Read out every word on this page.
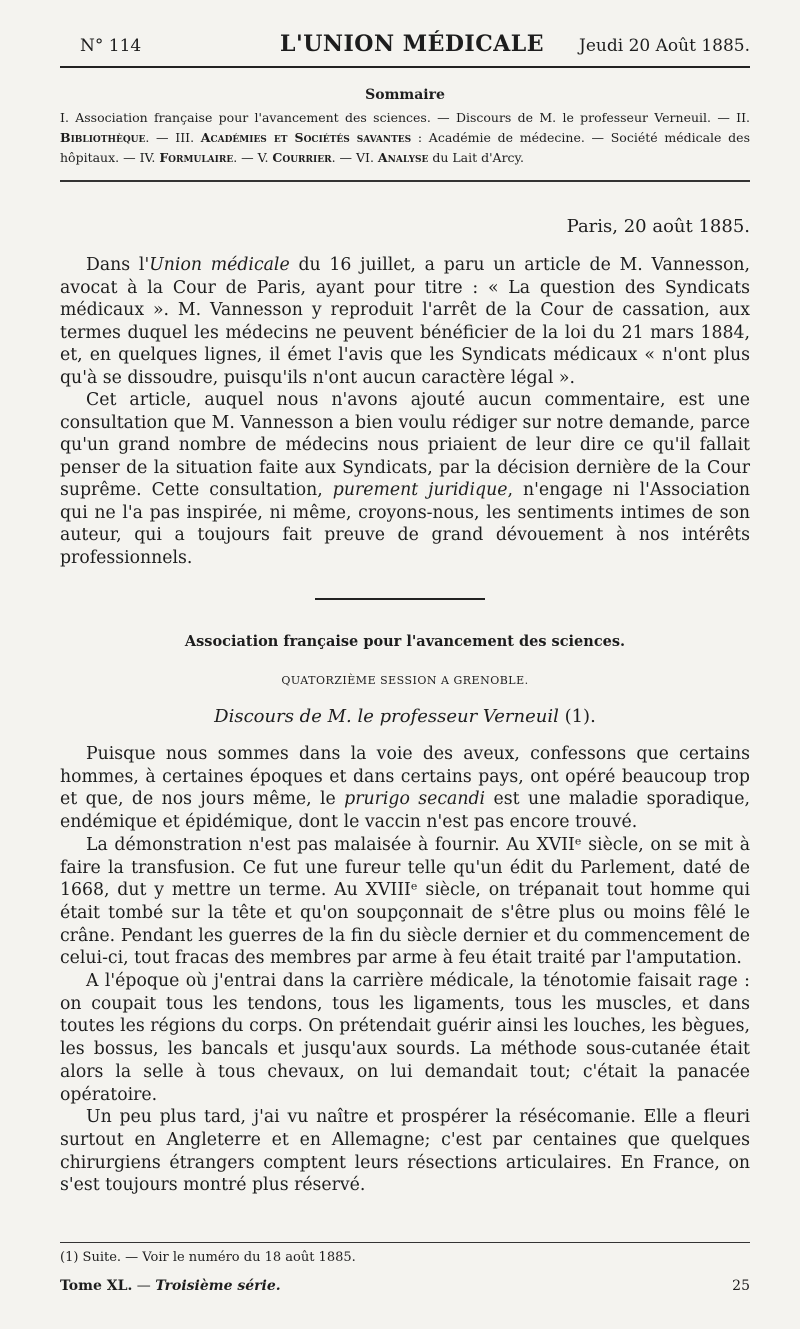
N° 114	L'UNION MÉDICALE Jeudi 20 Août 1885.
Sommaire
I. Association française pour l'avancement des sciences. — Discours de M. le professeur Verneuil. — II. Bibliothèque. — III. Académies et Sociétés savantes : Académie de médecine. — Société médicale des hôpitaux. — IV. Formulaire. — V. Courrier. — VI. Analyse du Lait d'Arcy.
Paris, 20 août 1885.

Dans l'Union médicale du 16 juillet, a paru un article de M. Vannesson, avocat à la Cour de Paris, ayant pour titre : « La question des Syndicats médicaux ». M. Vannesson y reproduit l'arrêt de la Cour de cassation, aux termes duquel les médecins ne peuvent bénéficier de la loi du 21 mars 1884, et, en quelques lignes, il émet l'avis que les Syndicats médicaux « n'ont plus qu'à se dissoudre, puisqu'ils n'ont aucun caractère légal ».

Cet article, auquel nous n'avons ajouté aucun commentaire, est une consultation que M. Vannesson a bien voulu rédiger sur notre demande, parce qu'un grand nombre de médecins nous priaient de leur dire ce qu'il fallait penser de la situation faite aux Syndicats, par la décision dernière de la Cour suprême. Cette consultation, purement juridique, n'engage ni l'Association qui ne l'a pas inspirée, ni même, croyons-nous, les sentiments intimes de son auteur, qui a toujours fait preuve de grand dévouement à nos intérêts professionnels.

Association française pour l'avancement des sciences.
QUATORZIÈME SESSION A GRENOBLE.
Discours de M. le professeur Verneuil (1).

Puisque nous sommes dans la voie des aveux, confessons que certains hommes, à certaines époques et dans certains pays, ont opéré beaucoup trop et que, de nos jours même, le prurigo secandi est une maladie sporadique, endémique et épidémique, dont le vaccin n'est pas encore trouvé.

La démonstration n'est pas malaisée à fournir. Au XVIIᵉ siècle, on se mit à faire la transfusion. Ce fut une fureur telle qu'un édit du Parlement, daté de 1668, dut y mettre un terme. Au XVIIIᵉ siècle, on trépanait tout homme qui était tombé sur la tête et qu'on soupçonnait de s'être plus ou moins fêlé le crâne. Pendant les guerres de la fin du siècle dernier et du commencement de celui-ci, tout fracas des membres par arme à feu était traité par l'amputation.

A l'époque où j'entrai dans la carrière médicale, la ténotomie faisait rage : on coupait tous les tendons, tous les ligaments, tous les muscles, et dans toutes les régions du corps. On prétendait guérir ainsi les louches, les bègues, les bossus, les bancals et jusqu'aux sourds. La méthode sous-cutanée était alors la selle à tous chevaux, on lui demandait tout; c'était la panacée opératoire.

Un peu plus tard, j'ai vu naître et prospérer la résécomanie. Elle a fleuri surtout en Angleterre et en Allemagne; c'est par centaines que quelques chirurgiens étrangers comptent leurs résections articulaires. En France, on s'est toujours montré plus réservé.

(1) Suite. — Voir le numéro du 18 août 1885.
Tome XL. — Troisième série.	25
